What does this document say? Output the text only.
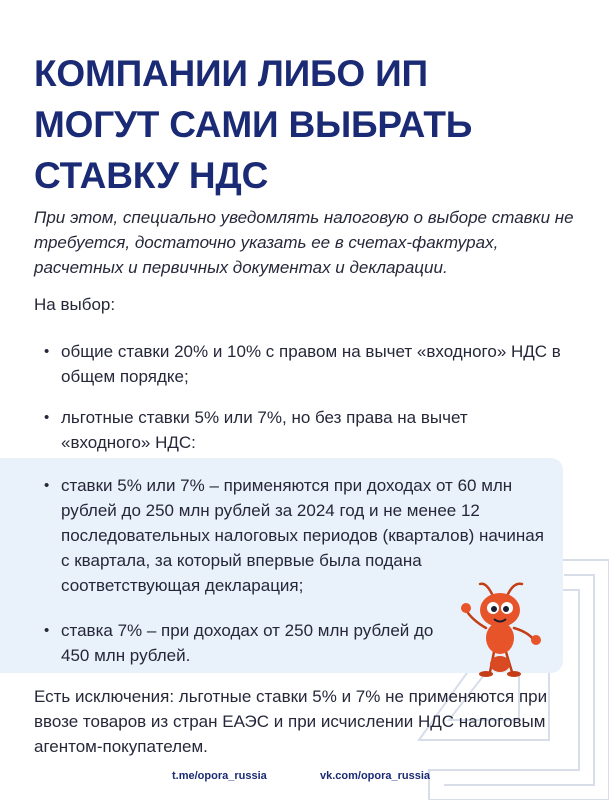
КОМПАНИИ ЛИБО ИП
МОГУТ САМИ ВЫБРАТЬ
СТАВКУ НДС

При этом, специально уведомлять налоговую о выборе ставки не требуется, достаточно указать ее в счетах-фактурах, расчетных и первичных документах и декларации.

На выбор:

• общие ставки 20% и 10% с правом на вычет «входного» НДС в общем порядке;

• льготные ставки 5% или 7%, но без права на вычет «входного» НДС:

• ставки 5% или 7% – применяются при доходах от 60 млн рублей до 250 млн рублей за 2024 год и не менее 12 последовательных налоговых периодов (кварталов) начиная с квартала, за который впервые была подана соответствующая декларация;

• ставка 7% – при доходах от 250 млн рублей до 450 млн рублей.

Есть исключения: льготные ставки 5% и 7% не применяются при ввозе товаров из стран ЕАЭС и при исчислении НДС налоговым агентом-покупателем.

t.me/opora_russia	vk.com/opora_russia
